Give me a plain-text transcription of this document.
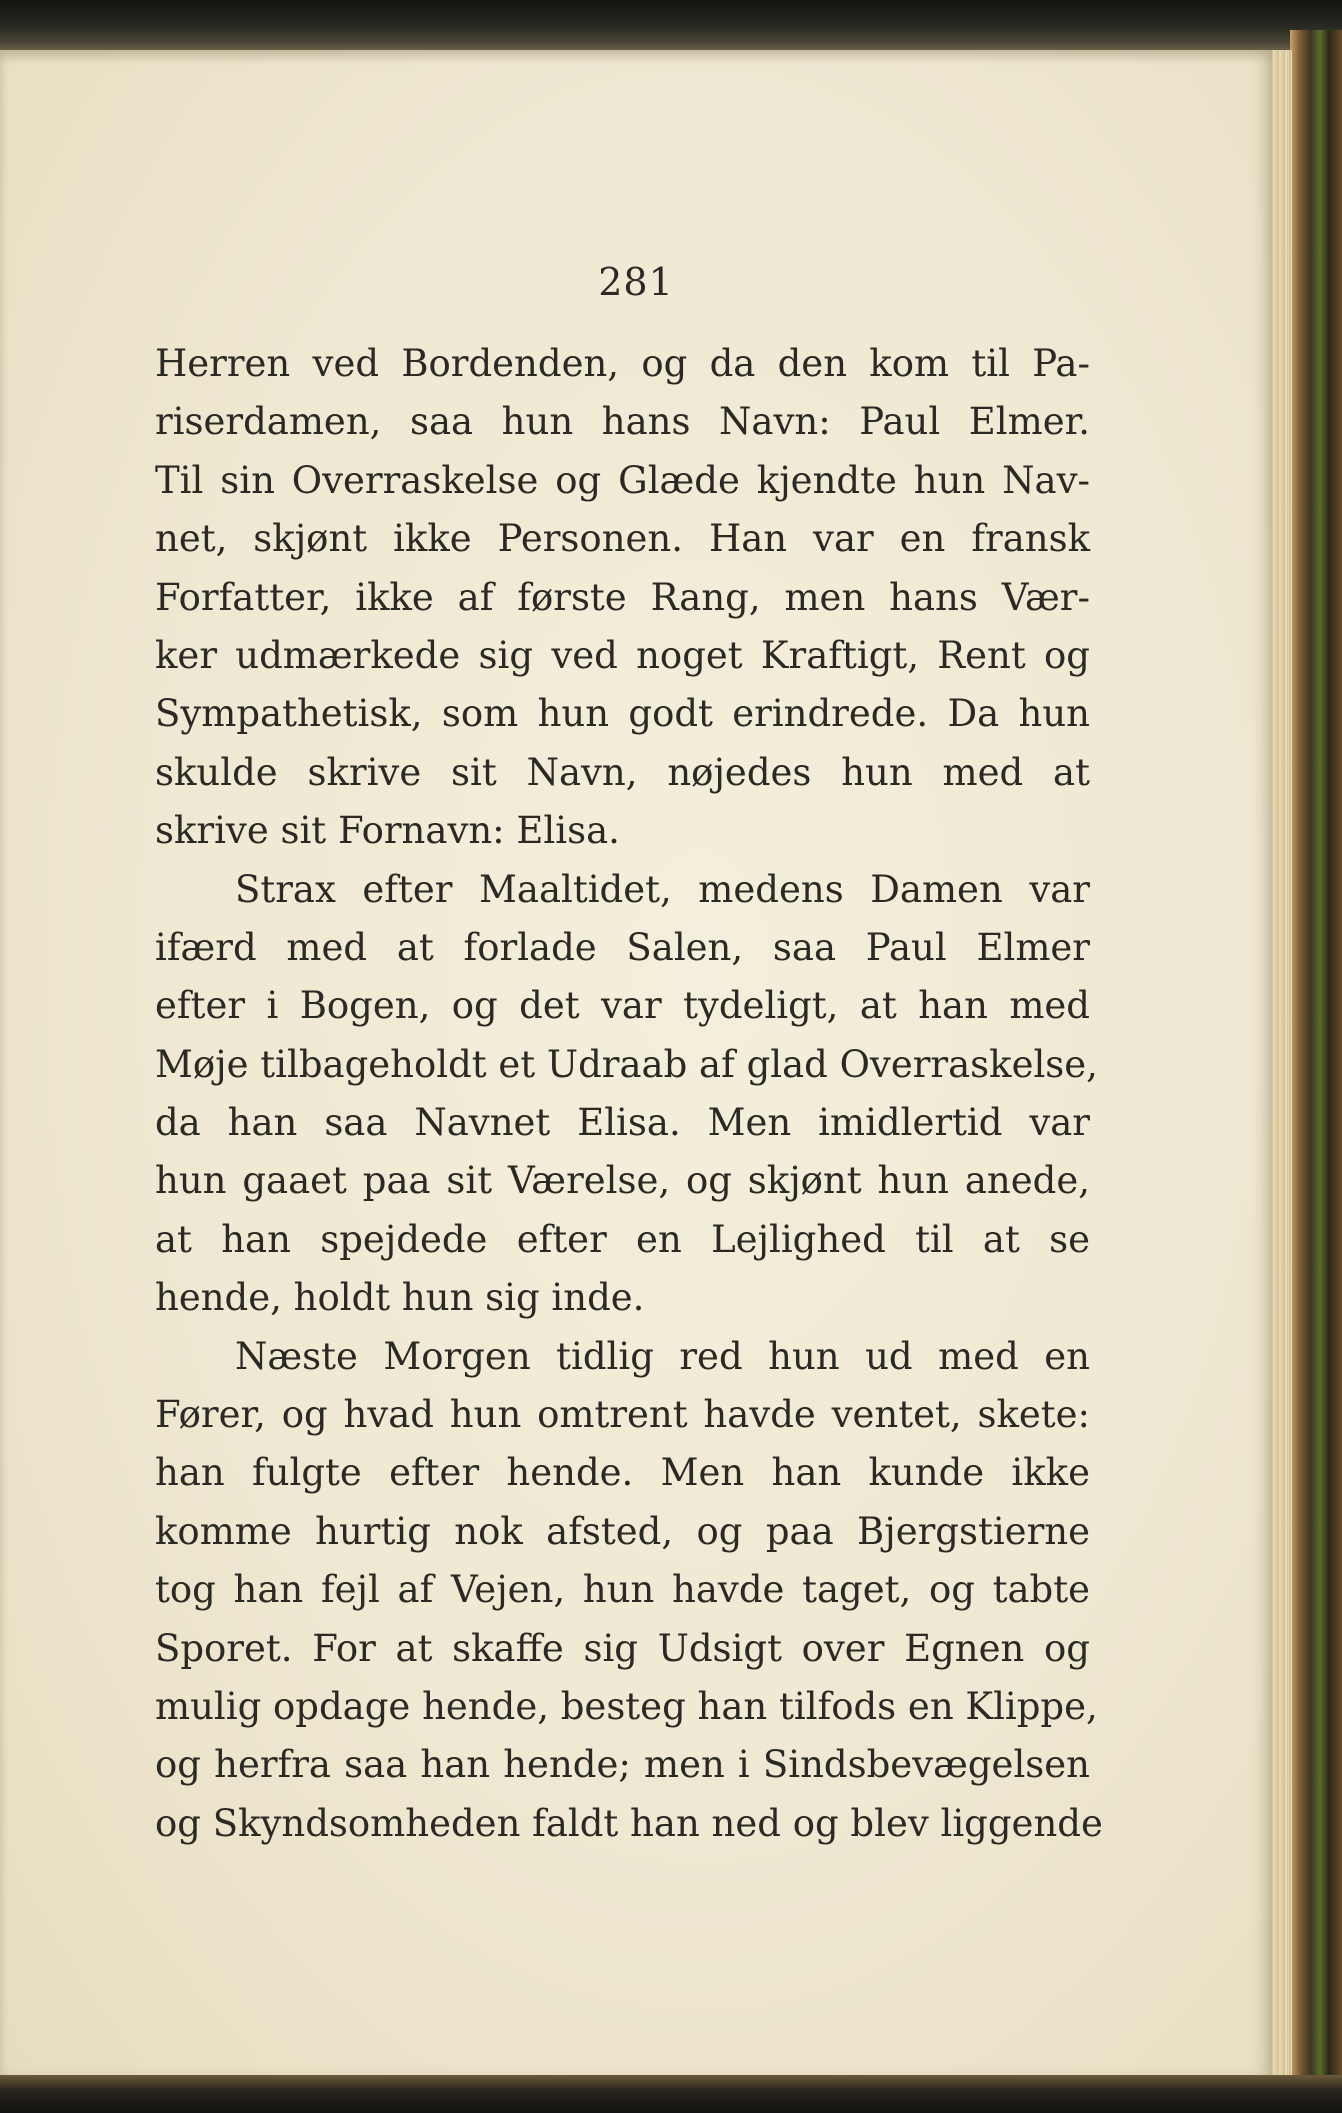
281
Herren ved Bordenden, og da den kom til Pa-
riserdamen, saa hun hans Navn: Paul Elmer.
Til sin Overraskelse og Glæde kjendte hun Nav-
net, skjønt ikke Personen. Han var en fransk
Forfatter, ikke af første Rang, men hans Vær-
ker udmærkede sig ved noget Kraftigt, Rent og
Sympathetisk, som hun godt erindrede. Da hun
skulde skrive sit Navn, nøjedes hun med at
skrive sit Fornavn: Elisa.
Strax efter Maaltidet, medens Damen var
ifærd med at forlade Salen, saa Paul Elmer
efter i Bogen, og det var tydeligt, at han med
Møje tilbageholdt et Udraab af glad Overraskelse,
da han saa Navnet Elisa. Men imidlertid var
hun gaaet paa sit Værelse, og skjønt hun anede,
at han spejdede efter en Lejlighed til at se
hende, holdt hun sig inde.
Næste Morgen tidlig red hun ud med en
Fører, og hvad hun omtrent havde ventet, skete:
han fulgte efter hende. Men han kunde ikke
komme hurtig nok afsted, og paa Bjergstierne
tog han fejl af Vejen, hun havde taget, og tabte
Sporet. For at skaffe sig Udsigt over Egnen og
mulig opdage hende, besteg han tilfods en Klippe,
og herfra saa han hende; men i Sindsbevægelsen
og Skyndsomheden faldt han ned og blev liggende
